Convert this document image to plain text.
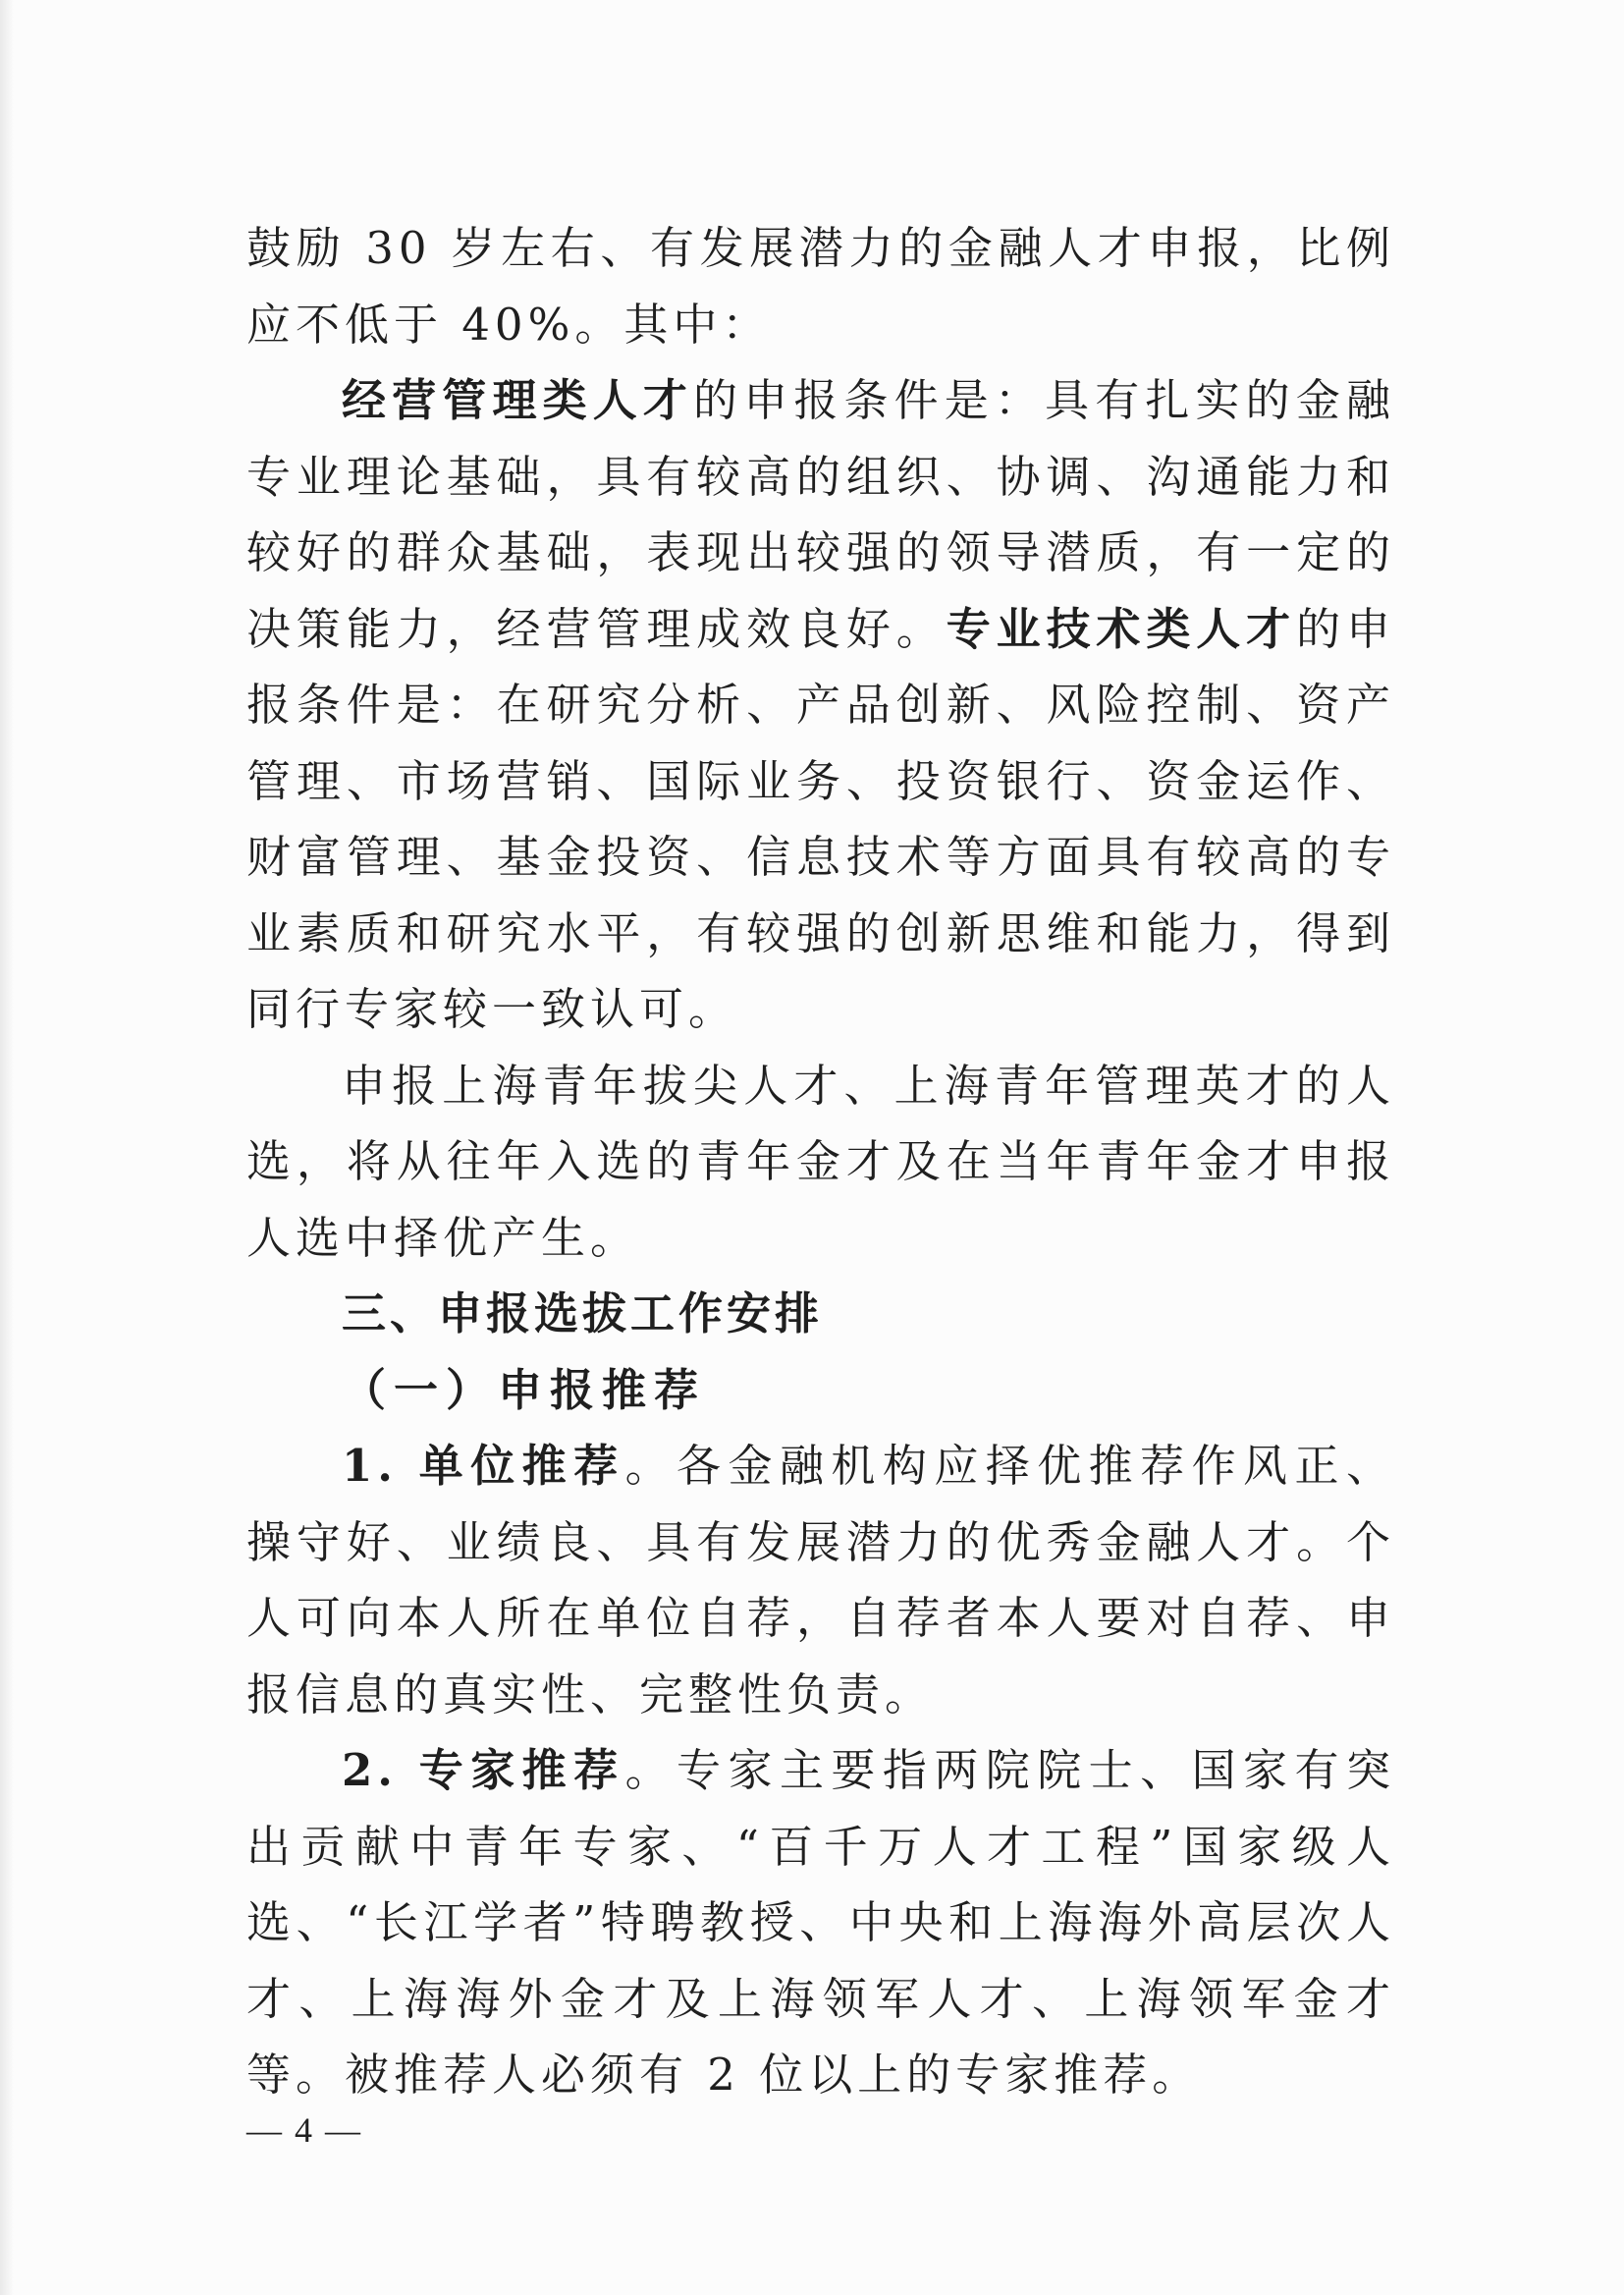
鼓励 30 岁左右、有发展潜力的金融人才申报，比例应不低于 40%。其中：

经营管理类人才的申报条件是：具有扎实的金融专业理论基础，具有较高的组织、协调、沟通能力和较好的群众基础，表现出较强的领导潜质，有一定的决策能力，经营管理成效良好。专业技术类人才的申报条件是：在研究分析、产品创新、风险控制、资产管理、市场营销、国际业务、投资银行、资金运作、财富管理、基金投资、信息技术等方面具有较高的专业素质和研究水平，有较强的创新思维和能力，得到同行专家较一致认可。

申报上海青年拔尖人才、上海青年管理英才的人选，将从往年入选的青年金才及在当年青年金才申报人选中择优产生。

三、申报选拔工作安排

（一）申报推荐

1. 单位推荐。各金融机构应择优推荐作风正、操守好、业绩良、具有发展潜力的优秀金融人才。个人可向本人所在单位自荐，自荐者本人要对自荐、申报信息的真实性、完整性负责。

2. 专家推荐。专家主要指两院院士、国家有突出贡献中青年专家、“百千万人才工程”国家级人选、“长江学者”特聘教授、中央和上海海外高层次人才、上海海外金才及上海领军人才、上海领军金才等。被推荐人必须有 2 位以上的专家推荐。

— 4 —
